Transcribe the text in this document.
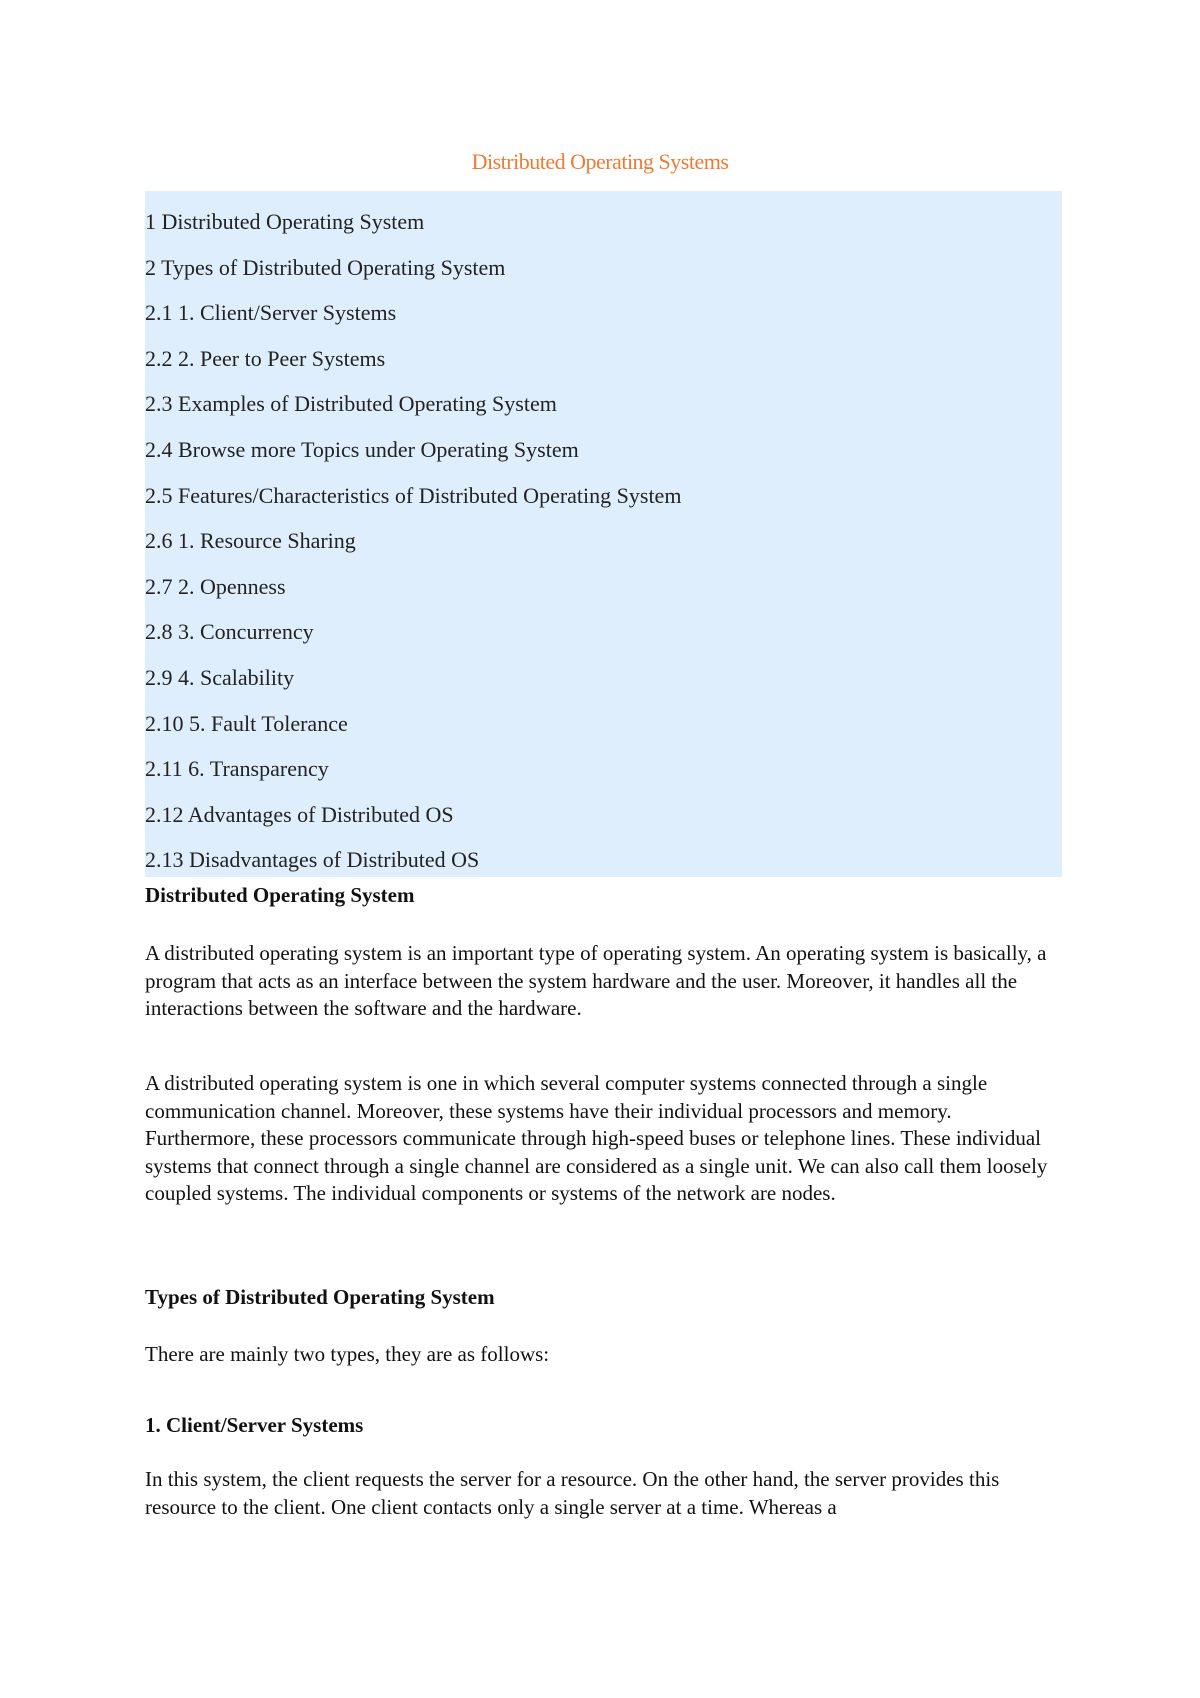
Distributed Operating Systems
1 Distributed Operating System
2 Types of Distributed Operating System
2.1 1. Client/Server Systems
2.2 2. Peer to Peer Systems
2.3 Examples of Distributed Operating System
2.4 Browse more Topics under Operating System
2.5 Features/Characteristics of Distributed Operating System
2.6 1. Resource Sharing
2.7 2. Openness
2.8 3. Concurrency
2.9 4. Scalability
2.10 5. Fault Tolerance
2.11 6. Transparency
2.12 Advantages of Distributed OS
2.13 Disadvantages of Distributed OS
Distributed Operating System

A distributed operating system is an important type of operating system. An operating system is basically, a program that acts as an interface between the system hardware and the user. Moreover, it handles all the interactions between the software and the hardware.

A distributed operating system is one in which several computer systems connected through a single communication channel. Moreover, these systems have their individual processors and memory. Furthermore, these processors communicate through high-speed buses or telephone lines. These individual systems that connect through a single channel are considered as a single unit. We can also call them loosely coupled systems. The individual components or systems of the network are nodes.

Types of Distributed Operating System

There are mainly two types, they are as follows:

1. Client/Server Systems

In this system, the client requests the server for a resource. On the other hand, the server provides this resource to the client. One client contacts only a single server at a time. Whereas a
